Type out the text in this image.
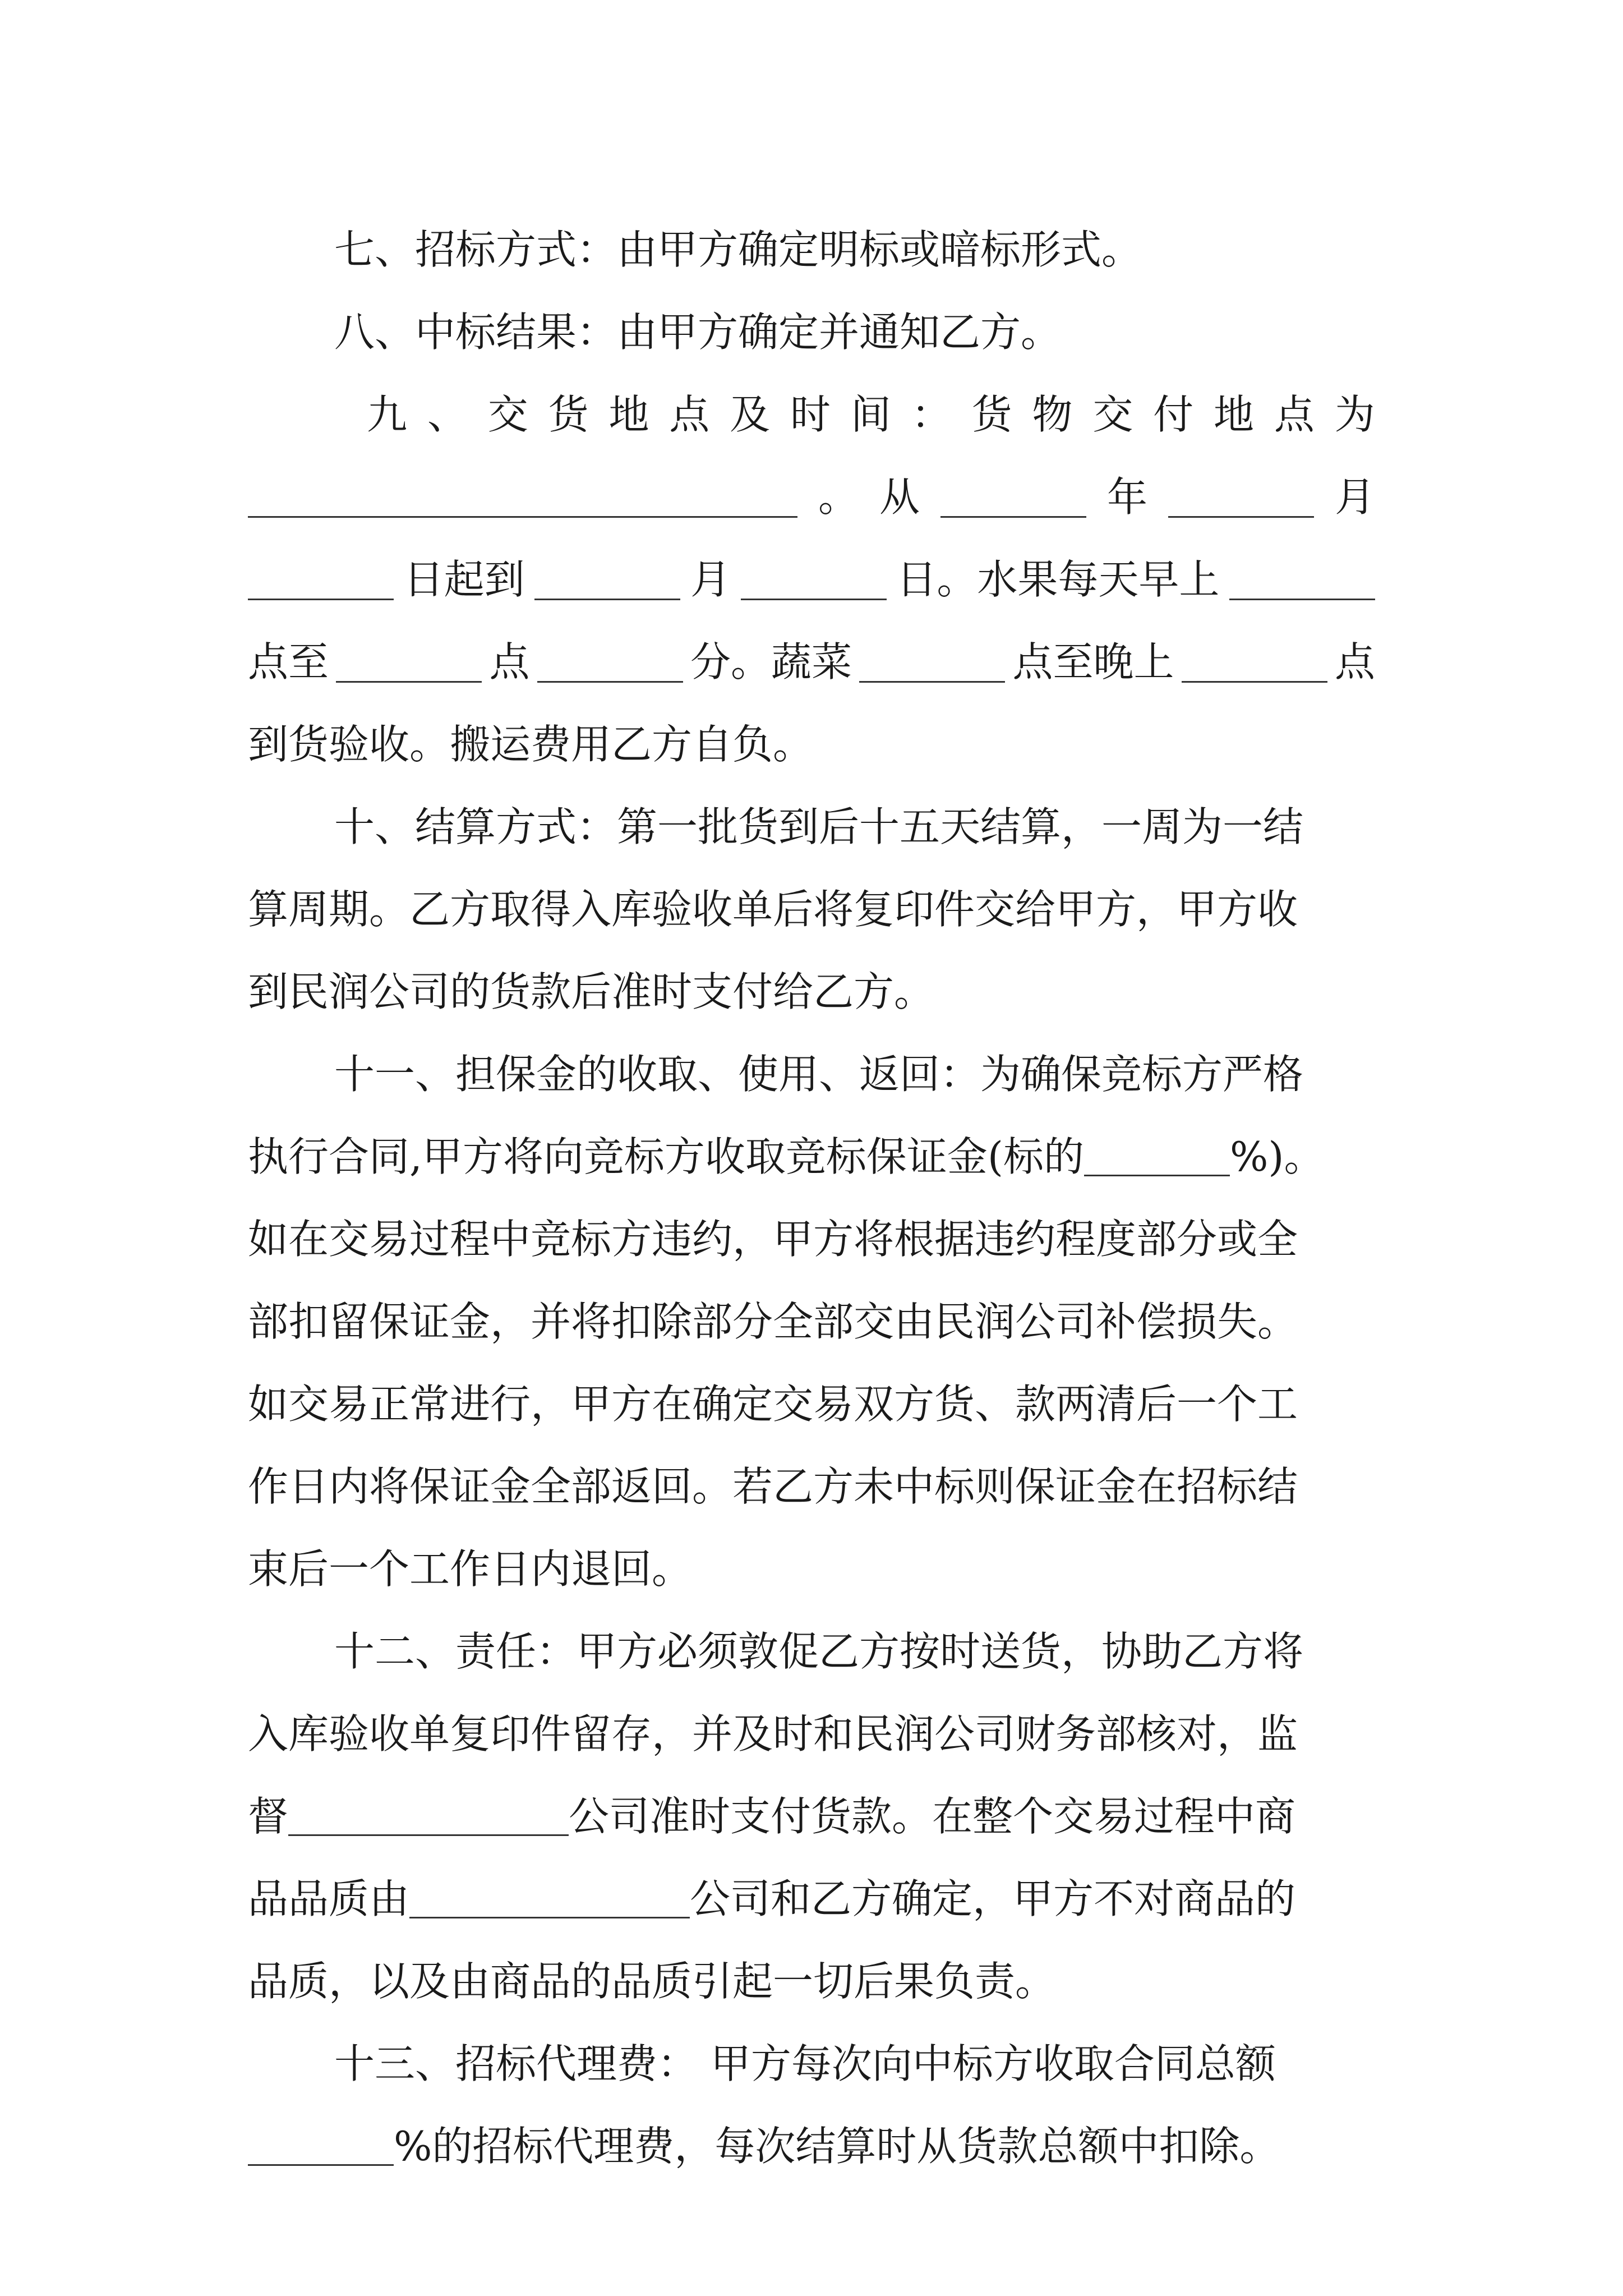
七、招标方式：由甲方确定明标或暗标形式。
八、中标结果：由甲方确定并通知乙方。
九 、 交 货 地 点 及 时 间 ： 货 物 交 付 地 点 为
。 从	年	月
日起到	月	日。水果每天早上
点至	点	分。蔬菜	点至晚上	点
到货验收。搬运费用乙方自负。
十、结算方式：第一批货到后十五天结算，一周为一结
算周期。乙方取得入库验收单后将复印件交给甲方，甲方收
到民润公司的货款后准时支付给乙方。
十一、担保金的收取、使用、返回：为确保竞标方严格
执行合同,甲方将向竞标方收取竞标保证金(标的	%)。
如在交易过程中竞标方违约，甲方将根据违约程度部分或全
部扣留保证金，并将扣除部分全部交由民润公司补偿损失。
如交易正常进行，甲方在确定交易双方货、款两清后一个工
作日内将保证金全部返回。若乙方未中标则保证金在招标结
束后一个工作日内退回。
十二、责任：甲方必须敦促乙方按时送货，协助乙方将
入库验收单复印件留存，并及时和民润公司财务部核对，监
督	公司准时支付货款。在整个交易过程中商
品品质由	公司和乙方确定，甲方不对商品的
品质，以及由商品的品质引起一切后果负责。
十三、招标代理费： 甲方每次向中标方收取合同总额
%的招标代理费，每次结算时从货款总额中扣除。
